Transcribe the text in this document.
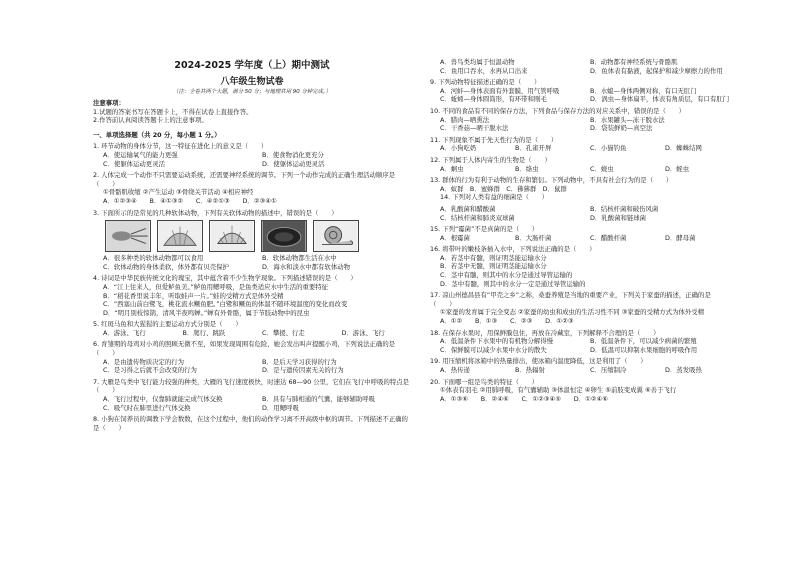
2024-2025 学年度（上）期中测试
八年级生物试卷
（注：全卷共两个大题，满分 50 分；与地理共用 90 分钟完成。）
注意事项：
1.试题的答案书写在答题卡上，不得在试卷上直接作答。
2.作答前认真阅读答题卡上的注意事项。
一、单项选择题（共 20 分，每小题 1 分。）
1. 环节动物的身体分节，这一特征在进化上的意义是（　　）
A．使运输氧气的能力更强	B．使食物消化更充分
C．使躯体运动更灵活	D．使躯体运动更灵活
2. 人体完成一个动作不只需要运动系统，还需要神经系统的调节。下列一个动作完成的正确生理活动顺序是（　　）
①骨骼肌收缩 ②产生运动 ③骨绕关节活动 ④相应神经
A．①②③④　　B．④①③②　　C．④②①③　　D．②③④①
3. 下面所示的是常见的几种软体动物，下列有关软体动物的描述中，错误的是（　　）
A．很多种类的软体动物都可以食用	B．软体动物都生活在水中
C．软体动物的身体柔软，体外都有贝壳保护	D．海水和淡水中都有软体动物
4. 诗词是中华民族传统文化的瑰宝，其中蕴含着不少生物学现象。下列描述错误的是（　　）
A．“江上往来人，但爱鲈鱼美。”鲈鱼用鳃呼吸，是鱼类适应水中生活的重要特征
B．“稻花香里说丰年，听取蛙声一片。”蛙的受精方式是体外受精
C．“西塞山前白鹭飞，桃花流水鳜鱼肥。”白鹭和鳜鱼的体温不随环境温度的变化而改变
D．“明月别枝惊鹊，清风半夜鸣蝉。”蝉有外骨骼，属于节肢动物中的昆虫
5. 红斑马鱼和大猩猩的主要运动方式分别是（　　）
A．游泳、飞行	B．爬行、跳跃	C．攀援、行走	D．游泳、飞行
6. 育雏期的母鸡对小鸡的照顾无微不至，如果发现周围有危险，她会发出叫声提醒小鸡，下列说法正确的是（　　）
A．是由遗传物质决定的行为	B．是后天学习获得的行为
C．是习得之后就不会改变的行为	D．是与遗传因素无关的行为
7. 大雁是鸟类中飞行能力较强的种类，大雁的飞行速度极快，时速达 68—90 公里，它们在飞行中呼吸的特点是（　　）
A．飞行过程中，仅靠肺就能完成气体交换	B．具有与肺相通的气囊，能够辅助呼吸
C．吸气时在肺里进行气体交换	D．用鳃呼吸
8. 小狗在饲养员的调教下学会数数，在这个过程中，他们的动作学习离不开高级中枢的调节。下列描述不正确的是（　　）
A．兽鸟类均属于恒温动物	B．动物都有神经系统与骨骼肌
C．鱼用口吞水，水再从口出来	D．鱼体表有黏液，起保护和减少摩擦力的作用
9. 下列动物特征描述正确的是（　　）
A．河蚌—身体表面有外套膜，用气管呼吸	B．水螅—身体两侧对称，有口无肛门
C．蚯蚓—身体圆筒形，有环带和刚毛	D．涡虫—身体扁平，体表有角质层，有口有肛门
10. 不同的食品有不同的保存方法，下列食品与保存方法的对应关系中，错误的是（　　）
A．腊肉—晒熏法	B．水果罐头—冻干脱水法
C．干香菇—晒干脱水法	D．袋装鲜奶—真空法
11. 下列现象不属于先天性行为的是（　　）
A．小狗吃奶	B．孔雀开屏	C．小猫钓鱼	D．蜘蛛结网
12. 下列属于人体内寄生的生物是（　　）
A．蛔虫	B．绦虫	C．蛲虫	D．蛭虫
13. 群体的行为有利于动物的生存和繁衍。下列动物中，不具有社会行为的是（　　）
A．蚁群　B．蜜蜂群　C．狒狒群　D．鼠群
14. 下列对人类有益的细菌是（　　）
A．乳酸菌和醋酸菌	B．结核杆菌和破伤风菌
C．结核杆菌和肺炎双球菌	D．乳酸菌和链球菌
15. 下列“霉菌”不是真菌的是（　　）
A．根霉菌	B．大肠杆菌	C．醋酸杆菌	D．酵母菌
16. 将带叶的嫩枝条插入水中，下列说法正确的是（　　）
A．若茎中有髓，则证明茎能运输水分
B．若茎中无髓，则证明茎能运输水分
C．茎中有髓，则其中的水分是通过导管运输的
D．茎中有髓，则其中的水分一定是通过导管运输的
17. 凉山州德昌县有“甲壳之乡”之称，桑蚕养殖是当地的重要产业，下列关于家蚕的描述，正确的是（　　）
①家蚕的发育属于完全变态 ②家蚕的幼虫和成虫的生活习性不同 ③家蚕的受精方式为体外受精
A．①②　　B．①③　　C．②③　　D．①②③
18. 在保存水果时，用保鲜膜包住，再放在冷藏室，下列解释不合理的是（　　）
A．低温条件下水果中的有机物分解得慢	B．低温条件下，可以减少病菌的繁殖
C．保鲜膜可以减少水果中水分的散失	D．低温可以抑制水果细胞的呼吸作用
19. 用压缩机将冰箱中的热量排出，使冰箱内温度降低，这是利用了（　　）
A．热传递	B．热辐射	C．压缩制冷	D．蒸发吸热
20. 下面哪一组是鸟类的特征（　　）
①体表有羽毛 ②用肺呼吸，有气囊辅助 ③体温恒定 ④卵生 ⑤前肢变成翼 ⑥善于飞行
A．①③⑥　　B．②④⑥　　C．①②③④⑤　　D．①②④⑥
